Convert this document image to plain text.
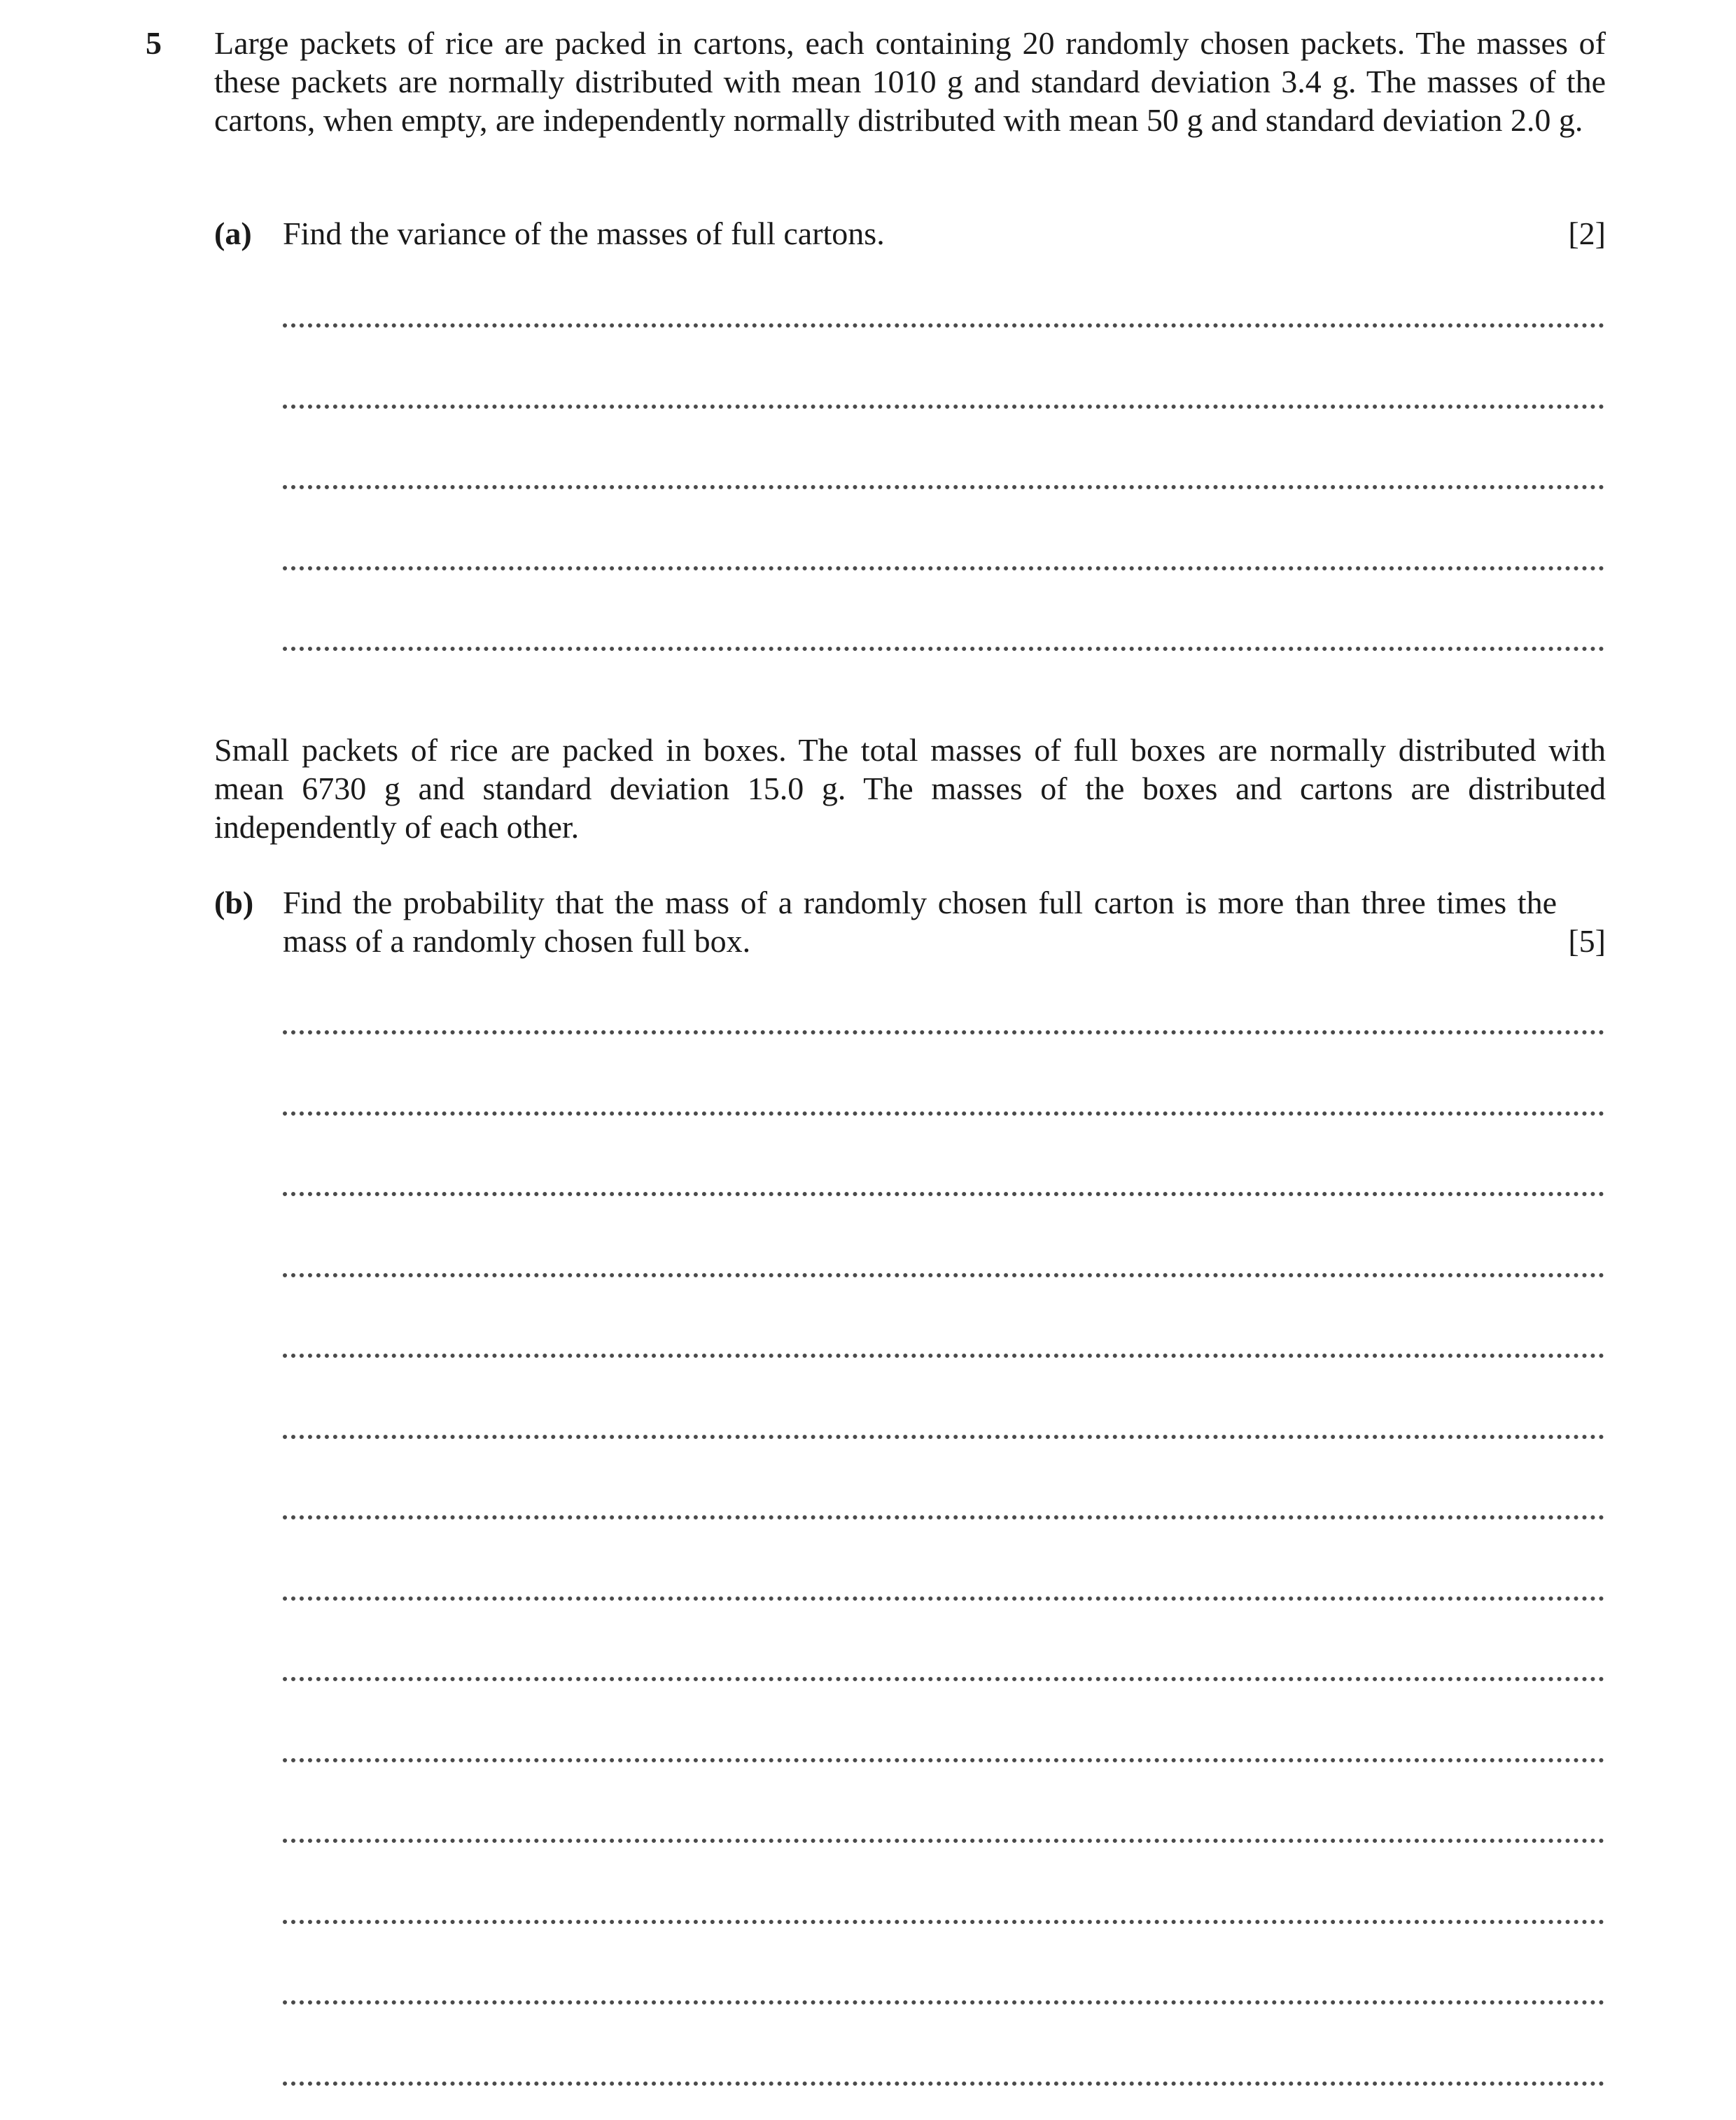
5 Large packets of rice are packed in cartons, each containing 20 randomly chosen packets. The masses of these packets are normally distributed with mean 1010 g and standard deviation 3.4 g. The masses of the cartons, when empty, are independently normally distributed with mean 50 g and standard deviation 2.0 g.

(a) Find the variance of the masses of full cartons.	[2]

Small packets of rice are packed in boxes. The total masses of full boxes are normally distributed with mean 6730 g and standard deviation 15.0 g. The masses of the boxes and cartons are distributed independently of each other.

(b) Find the probability that the mass of a randomly chosen full carton is more than three times the mass of a randomly chosen full box.	[5]
